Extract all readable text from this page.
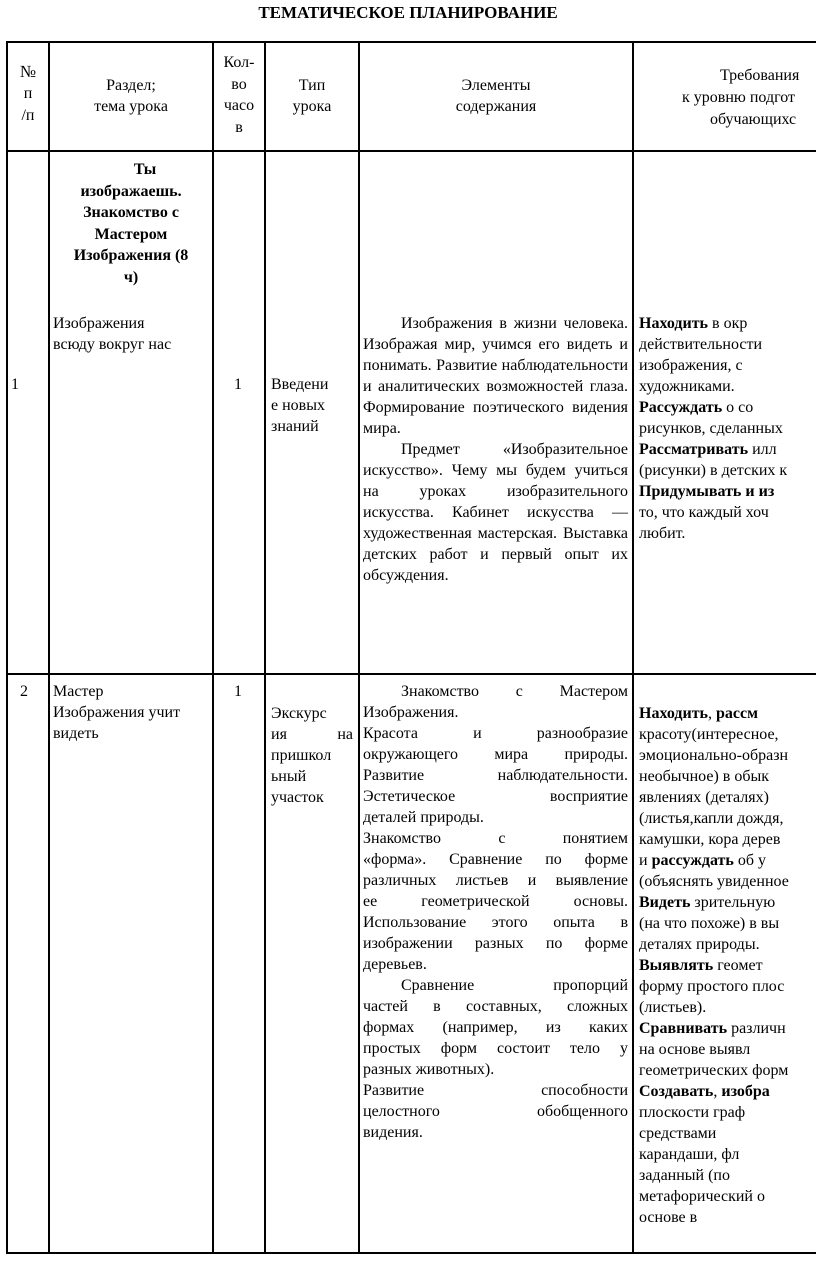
ТЕМАТИЧЕСКОЕ ПЛАНИРОВАНИЕ
№
п
/п
Раздел;
тема урока
Кол-
во
часо
в
Тип
урока
Элементы
содержания
Требования
к уровню подгот
обучающихс
1
Ты
изображаешь.
Знакомство с
Мастером
Изображения (8
ч)
Изображения
всюду вокруг нас
1 Введени
е новых
знаний

Изображения в жизни человека. Изображая мир, учимся его видеть и понимать. Развитие наблюдательности и аналитических возможностей глаза. Формирование поэтического видения мира.

Предмет «Изобразительное искусство». Чему мы будем учиться на уроках изобразительного искусства. Кабинет искусства — художественная мастерская. Выставка детских работ и первый опыт их обсуждения.

Находить в окр
действительности
изображения, с
художниками.
Рассуждать о со
рисунков, сделанных
Рассматривать илл
(рисунки) в детских к
Придумывать и из
то, что каждый хоч
любит.
2 Мастер
Изображения учит
видеть
1
Экскурс
ия на
пришкол
ьный
участок
Знакомство с Мастером
Изображения.
Красота и разнообразие
окружающего мира природы.
Развитие наблюдательности.
Эстетическое восприятие
деталей природы.
Знакомство с понятием
«форма». Сравнение по форме
различных листьев и выявление
ее геометрической основы.
Использование этого опыта в
изображении разных по форме
деревьев.
Сравнение пропорций
частей в составных, сложных
формах (например, из каких
простых форм состоит тело у
разных животных).
Развитие способности
целостного обобщенного
видения.
Находить, рассм
красоту(интересное,
эмоционально-образн
необычное) в обык
явлениях (деталях)
(листья,капли дождя,
камушки, кора дерев
и рассуждать об у
(объяснять увиденное
Видеть зрительную
(на что похоже) в вы
деталях природы.
Выявлять геомет
форму простого плос
(листьев).
Сравнивать различн
на основе выявл
геометрических форм
Создавать, изобра
плоскости граф
средствами
карандаши, фл
заданный (по
метафорический о
основе в
